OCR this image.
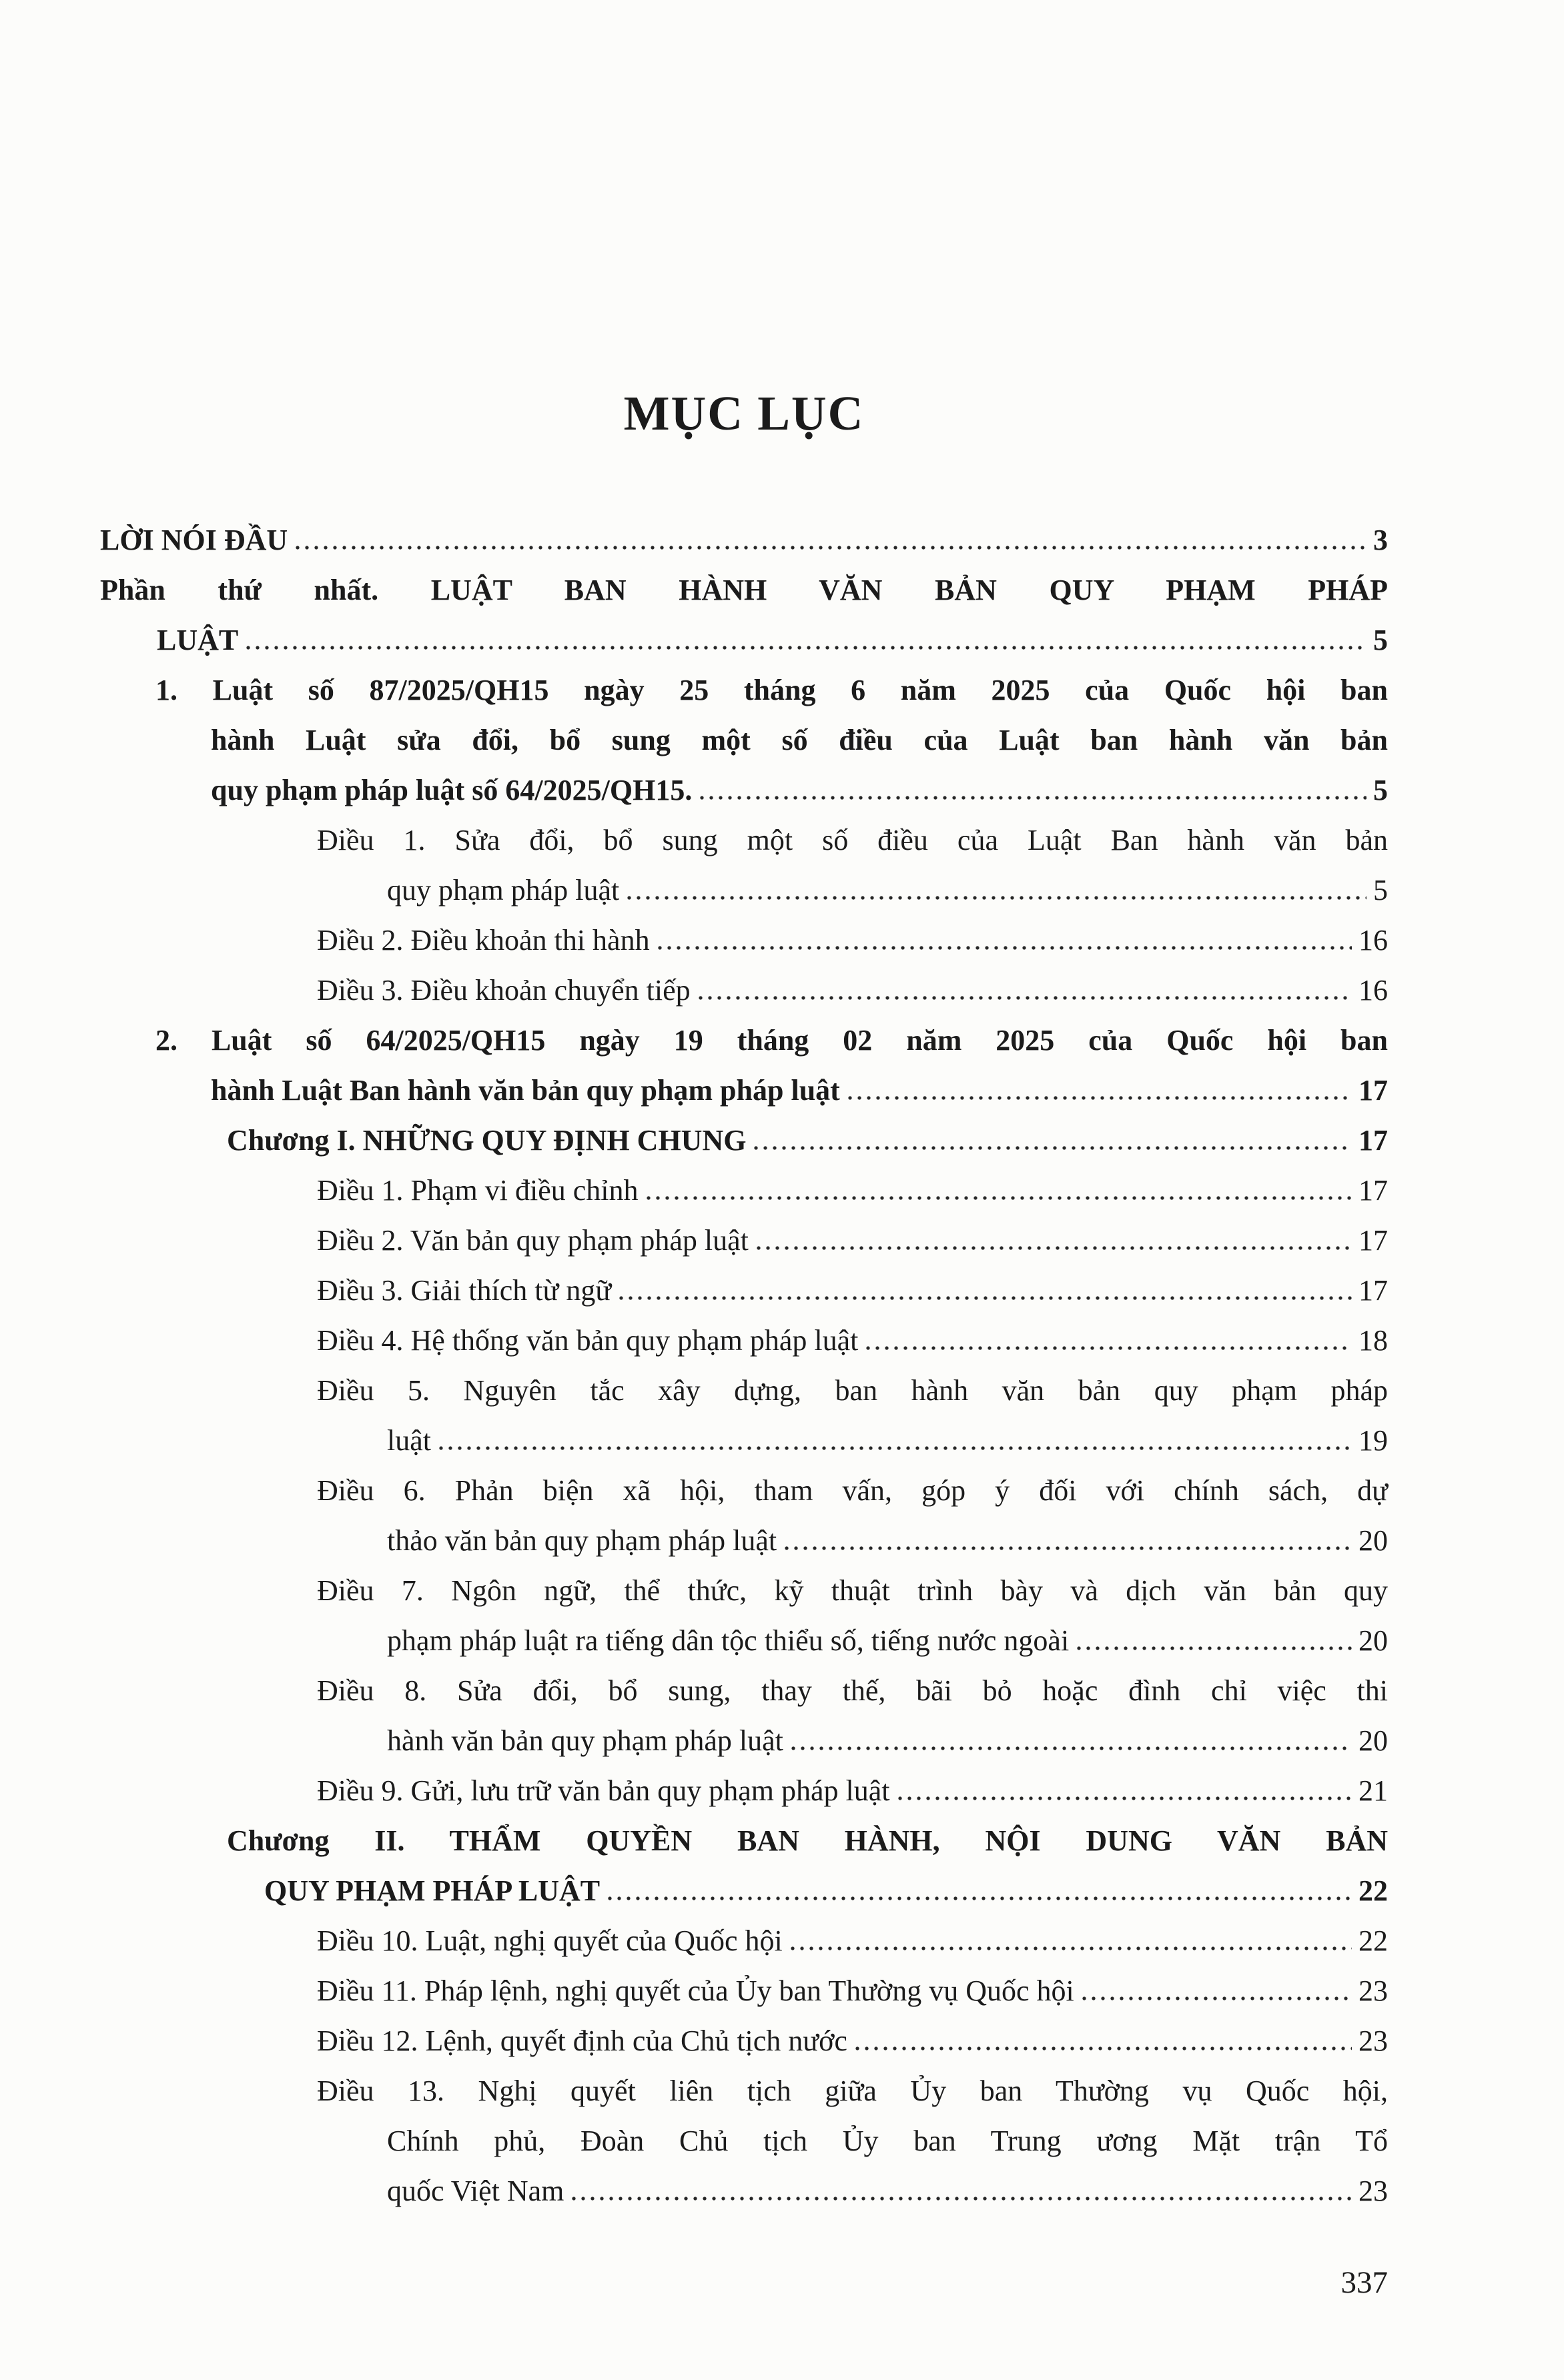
MỤC LỤC
LỜI NÓI ĐẦU	3
Phần thứ nhất. LUẬT BAN HÀNH VĂN BẢN QUY PHẠM PHÁP
LUẬT	5
1. Luật số 87/2025/QH15 ngày 25 tháng 6 năm 2025 của Quốc hội ban
hành Luật sửa đổi, bổ sung một số điều của Luật ban hành văn bản
quy phạm pháp luật số 64/2025/QH15.	5
Điều 1. Sửa đổi, bổ sung một số điều của Luật Ban hành văn bản
quy phạm pháp luật	5
Điều 2. Điều khoản thi hành	16
Điều 3. Điều khoản chuyển tiếp	16
2. Luật số 64/2025/QH15 ngày 19 tháng 02 năm 2025 của Quốc hội ban
hành Luật Ban hành văn bản quy phạm pháp luật	17
Chương I. NHỮNG QUY ĐỊNH CHUNG	17
Điều 1. Phạm vi điều chỉnh	17
Điều 2. Văn bản quy phạm pháp luật	17
Điều 3. Giải thích từ ngữ	17
Điều 4. Hệ thống văn bản quy phạm pháp luật	18
Điều 5. Nguyên tắc xây dựng, ban hành văn bản quy phạm pháp
luật	19
Điều 6. Phản biện xã hội, tham vấn, góp ý đối với chính sách, dự
thảo văn bản quy phạm pháp luật	20
Điều 7. Ngôn ngữ, thể thức, kỹ thuật trình bày và dịch văn bản quy
phạm pháp luật ra tiếng dân tộc thiểu số, tiếng nước ngoài	20
Điều 8. Sửa đổi, bổ sung, thay thế, bãi bỏ hoặc đình chỉ việc thi
hành văn bản quy phạm pháp luật	20
Điều 9. Gửi, lưu trữ văn bản quy phạm pháp luật	21
Chương II. THẨM QUYỀN BAN HÀNH, NỘI DUNG VĂN BẢN
QUY PHẠM PHÁP LUẬT	22
Điều 10. Luật, nghị quyết của Quốc hội	22
Điều 11. Pháp lệnh, nghị quyết của Ủy ban Thường vụ Quốc hội	23
Điều 12. Lệnh, quyết định của Chủ tịch nước	23
Điều 13. Nghị quyết liên tịch giữa Ủy ban Thường vụ Quốc hội,
Chính phủ, Đoàn Chủ tịch Ủy ban Trung ương Mặt trận Tổ
quốc Việt Nam	23
337
